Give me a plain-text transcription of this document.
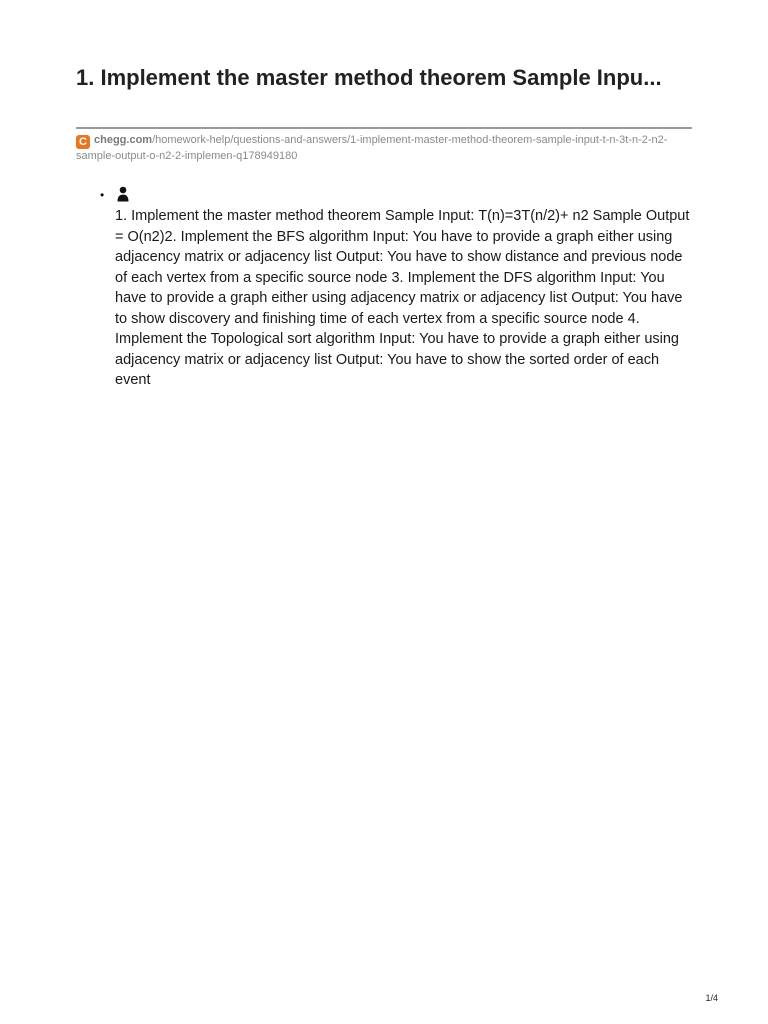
1. Implement the master method theorem Sample Inpu...
C chegg.com/homework-help/questions-and-answers/1-implement-master-method-theorem-sample-input-t-n-3t-n-2-n2-sample-output-o-n2-2-implemen-q178949180
•

1. Implement the master method theorem Sample Input: T(n)=3T(n/2)+ n2 Sample Output = O(n2)2. Implement the BFS algorithm Input: You have to provide a graph either using adjacency matrix or adjacency list Output: You have to show distance and previous node of each vertex from a specific source node 3. Implement the DFS algorithm Input: You have to provide a graph either using adjacency matrix or adjacency list Output: You have to show discovery and finishing time of each vertex from a specific source node 4. Implement the Topological sort algorithm Input: You have to provide a graph either using adjacency matrix or adjacency list Output: You have to show the sorted order of each event

1/4
